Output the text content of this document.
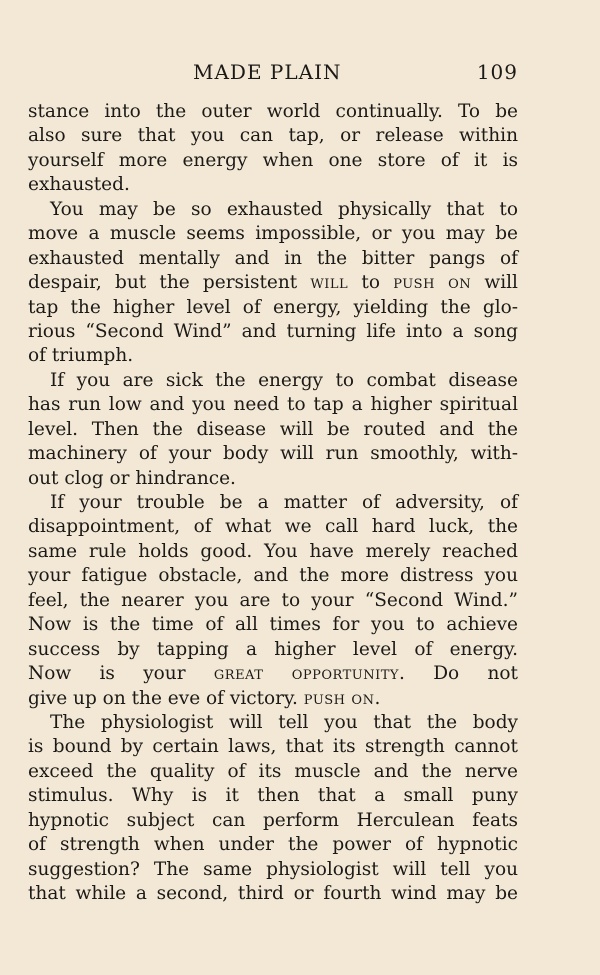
MADE PLAIN	109
stance into the outer world continually. To be
also sure that you can tap, or release within
yourself more energy when one store of it is
exhausted.
You may be so exhausted physically that to
move a muscle seems impossible, or you may be
exhausted mentally and in the bitter pangs of
despair, but the persistent will to push on will
tap the higher level of energy, yielding the glo-
rious “Second Wind” and turning life into a song
of triumph.
If you are sick the energy to combat disease
has run low and you need to tap a higher spiritual
level. Then the disease will be routed and the
machinery of your body will run smoothly, with-
out clog or hindrance.
If your trouble be a matter of adversity, of
disappointment, of what we call hard luck, the
same rule holds good. You have merely reached
your fatigue obstacle, and the more distress you
feel, the nearer you are to your “Second Wind.”
Now is the time of all times for you to achieve
success by tapping a higher level of energy.
Now is your great opportunity. Do not
give up on the eve of victory. push on.
The physiologist will tell you that the body
is bound by certain laws, that its strength cannot
exceed the quality of its muscle and the nerve
stimulus. Why is it then that a small puny
hypnotic subject can perform Herculean feats
of strength when under the power of hypnotic
suggestion? The same physiologist will tell you
that while a second, third or fourth wind may be
